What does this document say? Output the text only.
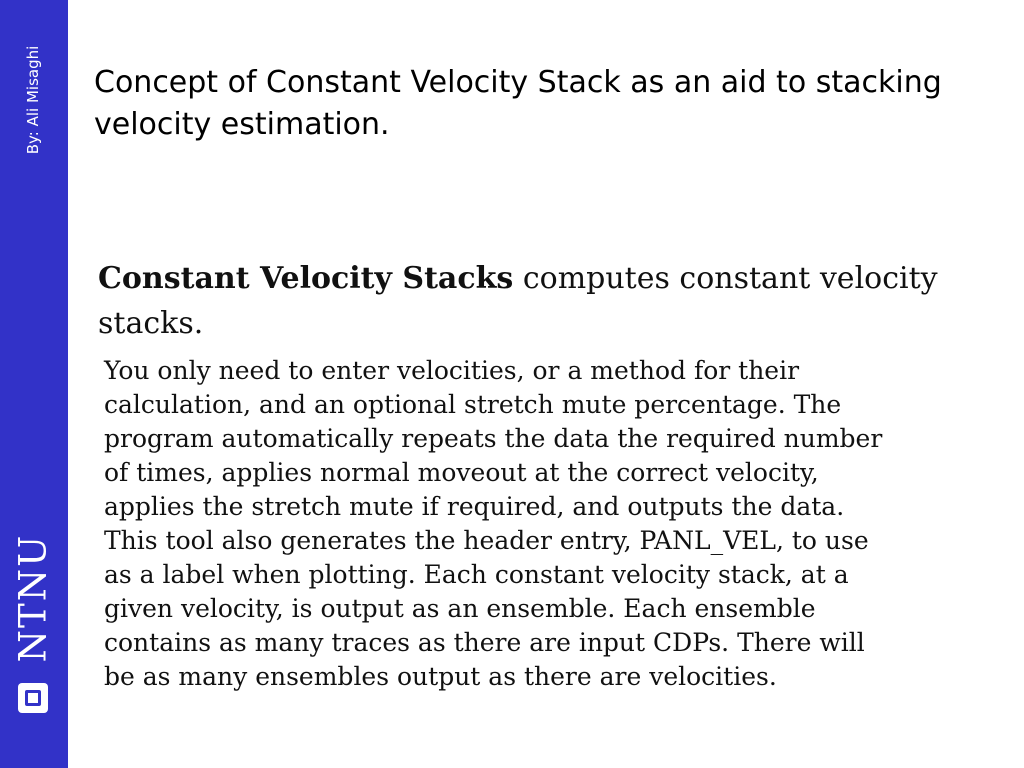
By: Ali Misaghi
NTNU
Concept of Constant Velocity Stack as an aid to stacking velocity estimation.
Constant Velocity Stacks computes constant velocity stacks.
You only need to enter velocities, or a method for their
calculation, and an optional stretch mute percentage. The
program automatically repeats the data the required number
of times, applies normal moveout at the correct velocity,
applies the stretch mute if required, and outputs the data.
This tool also generates the header entry, PANL_VEL, to use
as a label when plotting. Each constant velocity stack, at a
given velocity, is output as an ensemble. Each ensemble
contains as many traces as there are input CDPs. There will
be as many ensembles output as there are velocities.
